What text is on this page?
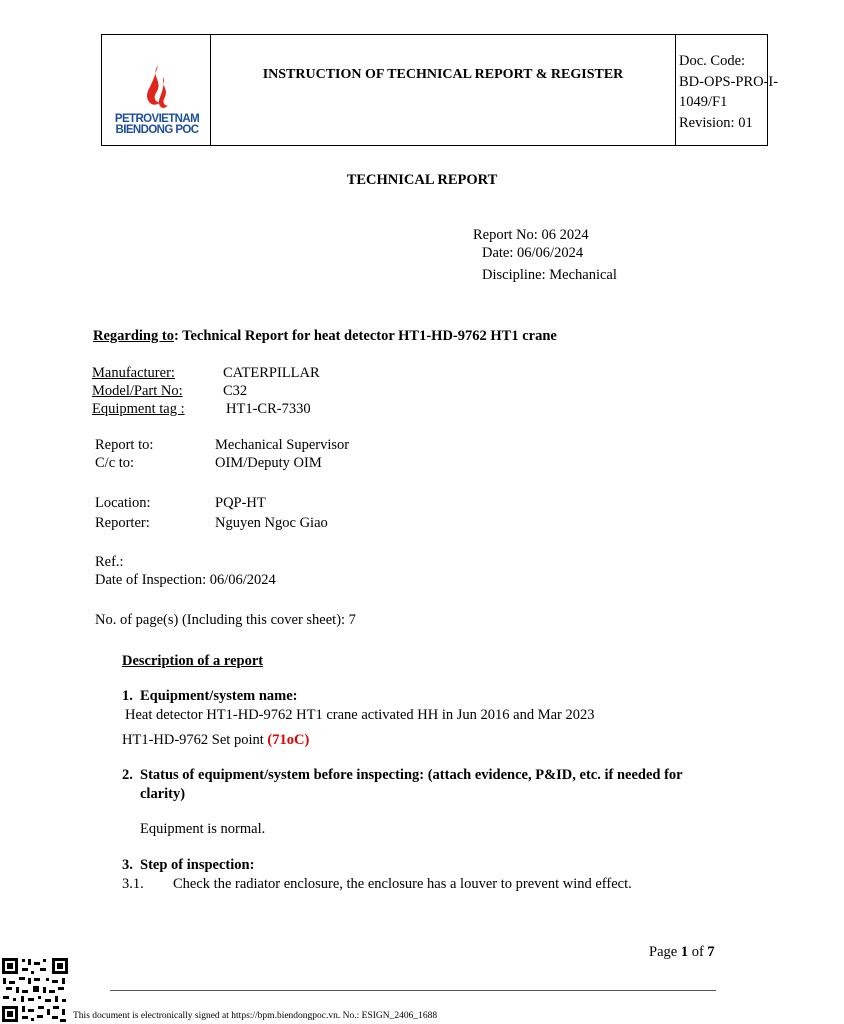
PETROVIETNAM
BIENDONG POC
INSTRUCTION OF TECHNICAL REPORT & REGISTER
Doc. Code:
BD-OPS-PRO-I-1049/F1
Revision: 01
TECHNICAL REPORT
Report No: 06 2024
Date: 06/06/2024
Discipline: Mechanical
Regarding to: Technical Report for heat detector HT1-HD-9762 HT1 crane
Manufacturer:	CATERPILLAR
Model/Part No:	C32
Equipment tag :	HT1-CR-7330
Report to:	Mechanical Supervisor
C/c to:	OIM/Deputy OIM
Location:	PQP-HT
Reporter:	Nguyen Ngoc Giao
Ref.:
Date of Inspection: 06/06/2024
No. of page(s) (Including this cover sheet): 7
Description of a report
1. Equipment/system name:
Heat detector HT1-HD-9762 HT1 crane activated HH in Jun 2016 and Mar 2023
HT1-HD-9762 Set point (71oC)
2. Status of equipment/system before inspecting: (attach evidence, P&ID, etc. if needed for
clarity)
Equipment is normal.
3. Step of inspection:
3.1. Check the radiator enclosure, the enclosure has a louver to prevent wind effect.
Page 1 of 7
This document is electronically signed at https://bpm.biendongpoc.vn. No.: ESIGN_2406_1688
